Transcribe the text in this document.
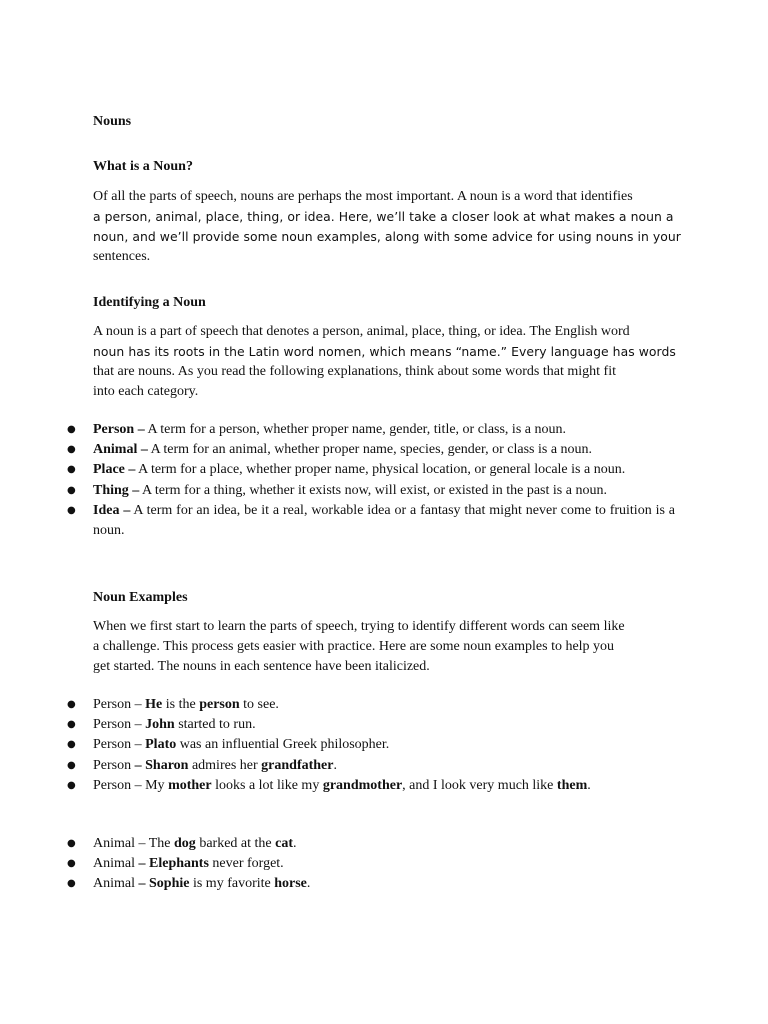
Nouns
What is a Noun?
Of all the parts of speech, nouns are perhaps the most important. A noun is a word that identifies
a person, animal, place, thing, or idea. Here, we’ll take a closer look at what makes a noun a
noun, and we’ll provide some noun examples, along with some advice for using nouns in your
sentences.
Identifying a Noun
A noun is a part of speech that denotes a person, animal, place, thing, or idea. The English word
noun has its roots in the Latin word nomen, which means “name.” Every language has words
that are nouns. As you read the following explanations, think about some words that might fit
into each category.
● Person – A term for a person, whether proper name, gender, title, or class, is a noun.
● Animal – A term for an animal, whether proper name, species, gender, or class is a noun.
● Place – A term for a place, whether proper name, physical location, or general locale is a noun.
● Thing – A term for a thing, whether it exists now, will exist, or existed in the past is a noun.
● Idea – A term for an idea, be it a real, workable idea or a fantasy that might never come to fruition is a noun.
Noun Examples
When we first start to learn the parts of speech, trying to identify different words can seem like
a challenge. This process gets easier with practice. Here are some noun examples to help you
get started. The nouns in each sentence have been italicized.
● Person – He is the person to see.
● Person – John started to run.
● Person – Plato was an influential Greek philosopher.
● Person – Sharon admires her grandfather.
● Person – My mother looks a lot like my grandmother, and I look very much like them.
● Animal – The dog barked at the cat.
● Animal – Elephants never forget.
● Animal – Sophie is my favorite horse.
